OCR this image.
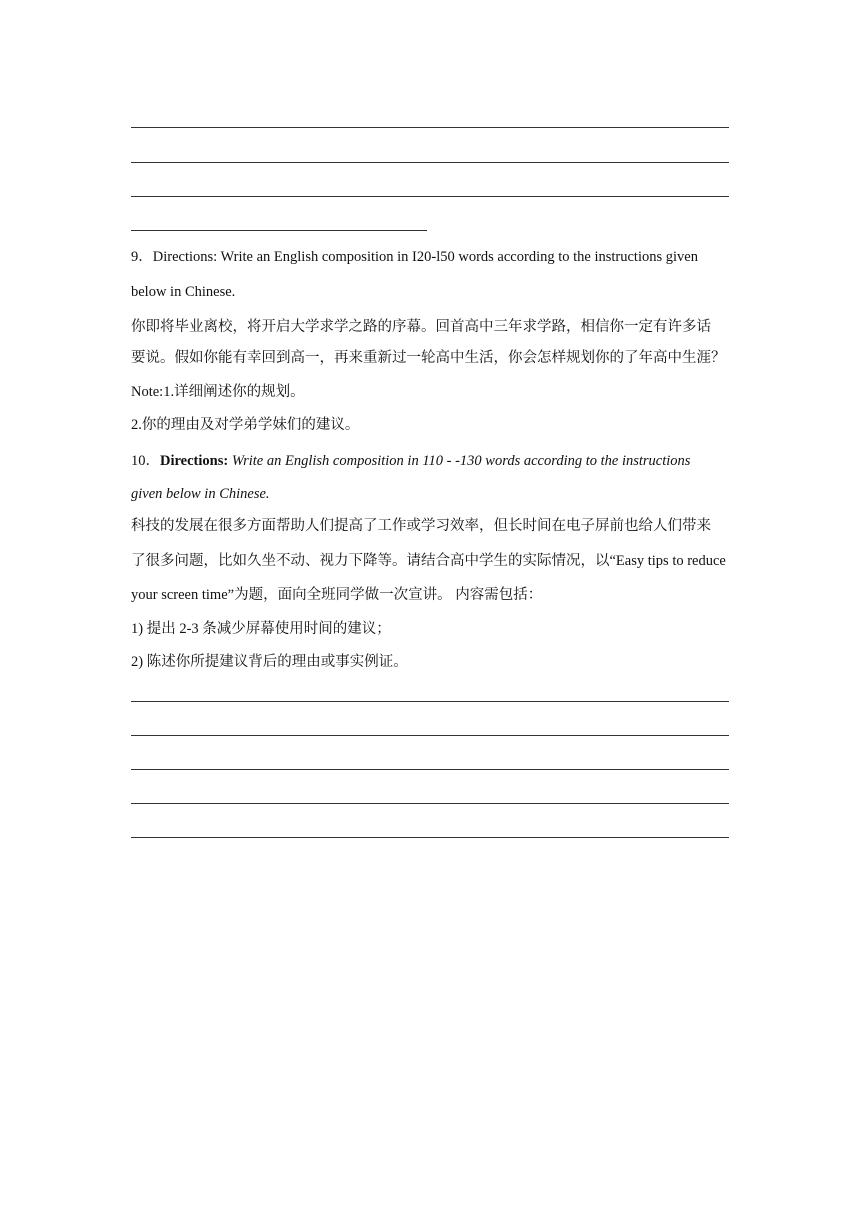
9．Directions: Write an English composition in I20-l50 words according to the instructions given
below in Chinese.
你即将毕业离校，将开启大学求学之路的序幕。回首高中三年求学路，相信你一定有许多话
要说。假如你能有幸回到高一，再来重新过一轮高中生活，你会怎样规划你的了年高中生涯？
Note:1.详细阐述你的规划。
2.你的理由及对学弟学妹们的建议。
10．Directions: Write an English composition in 110 - -130 words according to the instructions
given below in Chinese.
科技的发展在很多方面帮助人们提高了工作或学习效率，但长时间在电子屏前也给人们带来
了很多问题，比如久坐不动、视力下降等。请结合高中学生的实际情况，以“Easy tips to reduce
your screen time”为题，面向全班同学做一次宣讲。 内容需包括：
1) 提出 2-3 条减少屏幕使用时间的建议；
2) 陈述你所提建议背后的理由或事实例证。
